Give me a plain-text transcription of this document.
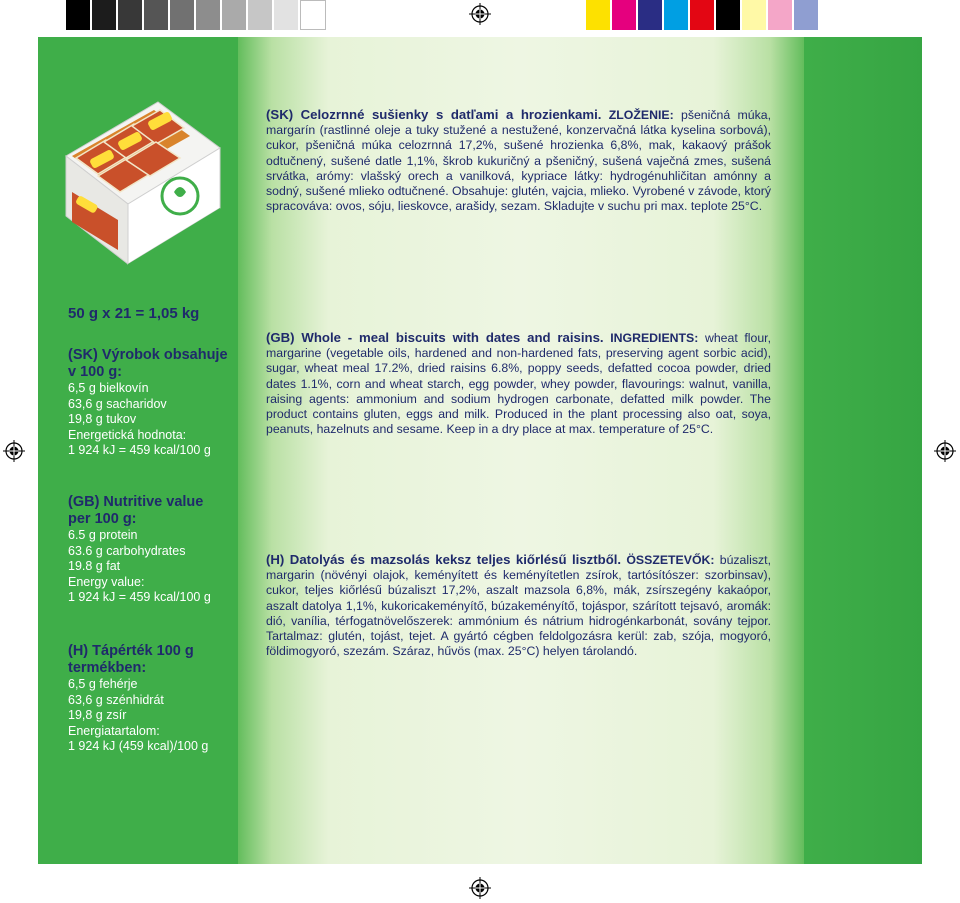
(SK) Celozrnné sušienky s datľami a hrozienkami. ZLOŽENIE: pšeničná múka, margarín (rastlinné oleje a tuky stužené a nestužené, konzervačná látka kyselina sorbová), cukor, pšeničná múka celozrnná 17,2%, sušené hrozienka 6,8%, mak, kakaový prášok odtučnený, sušené datle 1,1%, škrob kukuričný a pšeničný, sušená vaječná zmes, sušená srvátka, arómy: vlašský orech a vanilková, kypriace látky: hydrogénuhličitan amónny a sodný, sušené mlieko odtučnené. Obsahuje: glutén, vajcia, mlieko. Vyrobené v závode, ktorý spracováva: ovos, sóju, lieskovce, arašidy, sezam. Skladujte v suchu pri max. teplote 25°C.
(GB) Whole - meal biscuits with dates and raisins. INGREDIENTS: wheat flour, margarine (vegetable oils, hardened and non-hardened fats, preserving agent sorbic acid), sugar, wheat meal 17.2%, dried raisins 6.8%, poppy seeds, defatted cocoa powder, dried dates 1.1%, corn and wheat starch, egg powder, whey powder, flavourings: walnut, vanilla, raising agents: ammonium and sodium hydrogen carbonate, defatted milk powder. The product contains gluten, eggs and milk. Produced in the plant processing also oat, soya, peanuts, hazelnuts and sesame. Keep in a dry place at max. temperature of 25°C.
(H) Datolyás és mazsolás keksz teljes kiőrlésű lisztből. ÖSSZETEVŐK: búzaliszt, margarin (növényi olajok, keményített és keményítetlen zsírok, tartósítószer: szorbinsav), cukor, teljes kiőrlésű búzaliszt 17,2%, aszalt mazsola 6,8%, mák, zsírszegény kakaópor, aszalt datolya 1,1%, kukoricakeményítő, búzakeményítő, tojáspor, szárított tejsavó, aromák: dió, vanília, térfogatnövelőszerek: ammónium és nátrium hidrogénkarbonát, sovány tejpor. Tartalmaz: glutén, tojást, tejet. A gyártó cégben feldolgozásra kerül: zab, szója, mogyoró, földimogyoró, szezám. Száraz, hűvös (max. 25°C) helyen tárolandó.
50 g x 21 = 1,05 kg
(SK) Výrobok obsahuje v 100 g:
6,5 g bielkovín
63,6 g sacharidov
19,8 g tukov
Energetická hodnota:
1 924 kJ = 459 kcal/100 g
(GB) Nutritive value per 100 g:
6.5 g protein
63.6 g carbohydrates
19.8 g fat
Energy value:
1 924 kJ = 459 kcal/100 g
(H) Tápérték 100 g termékben:
6,5 g fehérje
63,6 g szénhidrát
19,8 g zsír
Energiatartalom:
1 924 kJ (459 kcal)/100 g
